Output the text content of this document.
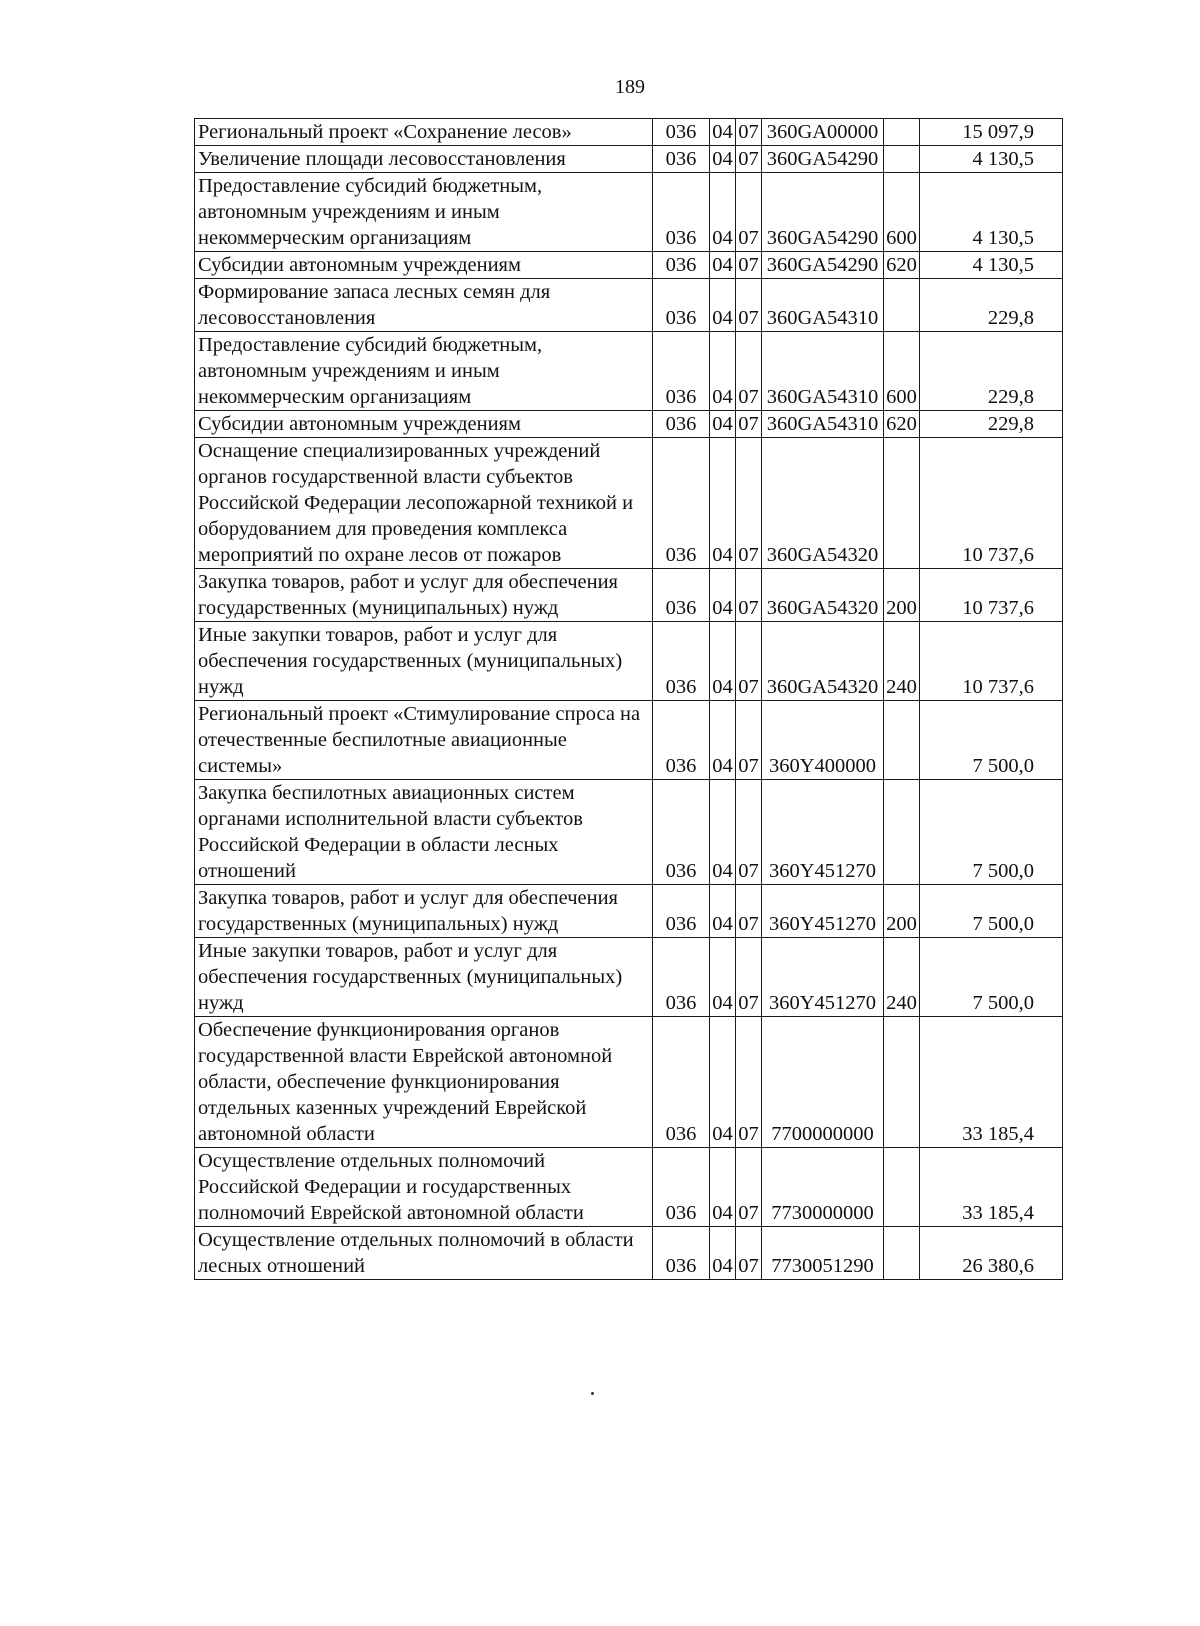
189
Региональный проект «Сохранение лесов»	036	04	07	360GA00000		15 097,9
Увеличение площади лесовосстановления	036	04	07	360GA54290		4 130,5
Предоставление субсидий бюджетным, автономным учреждениям и иным некоммерческим организациям	036	04	07	360GA54290	600	4 130,5
Субсидии автономным учреждениям	036	04	07	360GA54290	620	4 130,5
Формирование запаса лесных семян для лесовосстановления	036	04	07	360GA54310		229,8
Предоставление субсидий бюджетным, автономным учреждениям и иным некоммерческим организациям	036	04	07	360GA54310	600	229,8
Субсидии автономным учреждениям	036	04	07	360GA54310	620	229,8
Оснащение специализированных учреждений органов государственной власти субъектов Российской Федерации лесопожарной техникой и оборудованием для проведения комплекса мероприятий по охране лесов от пожаров	036	04	07	360GA54320		10 737,6
Закупка товаров, работ и услуг для обеспечения государственных (муниципальных) нужд	036	04	07	360GA54320	200	10 737,6
Иные закупки товаров, работ и услуг для обеспечения государственных (муниципальных) нужд	036	04	07	360GA54320	240	10 737,6
Региональный проект «Стимулирование спроса на отечественные беспилотные авиационные системы»	036	04	07	360Y400000		7 500,0
Закупка беспилотных авиационных систем органами исполнительной власти субъектов Российской Федерации в области лесных отношений	036	04	07	360Y451270		7 500,0
Закупка товаров, работ и услуг для обеспечения государственных (муниципальных) нужд	036	04	07	360Y451270	200	7 500,0
Иные закупки товаров, работ и услуг для обеспечения государственных (муниципальных) нужд	036	04	07	360Y451270	240	7 500,0
Обеспечение функционирования органов государственной власти Еврейской автономной области, обеспечение функционирования отдельных казенных учреждений Еврейской автономной области	036	04	07	7700000000		33 185,4
Осуществление отдельных полномочий Российской Федерации и государственных полномочий Еврейской автономной области	036	04	07	7730000000		33 185,4
Осуществление отдельных полномочий в области лесных отношений	036	04	07	7730051290		26 380,6
